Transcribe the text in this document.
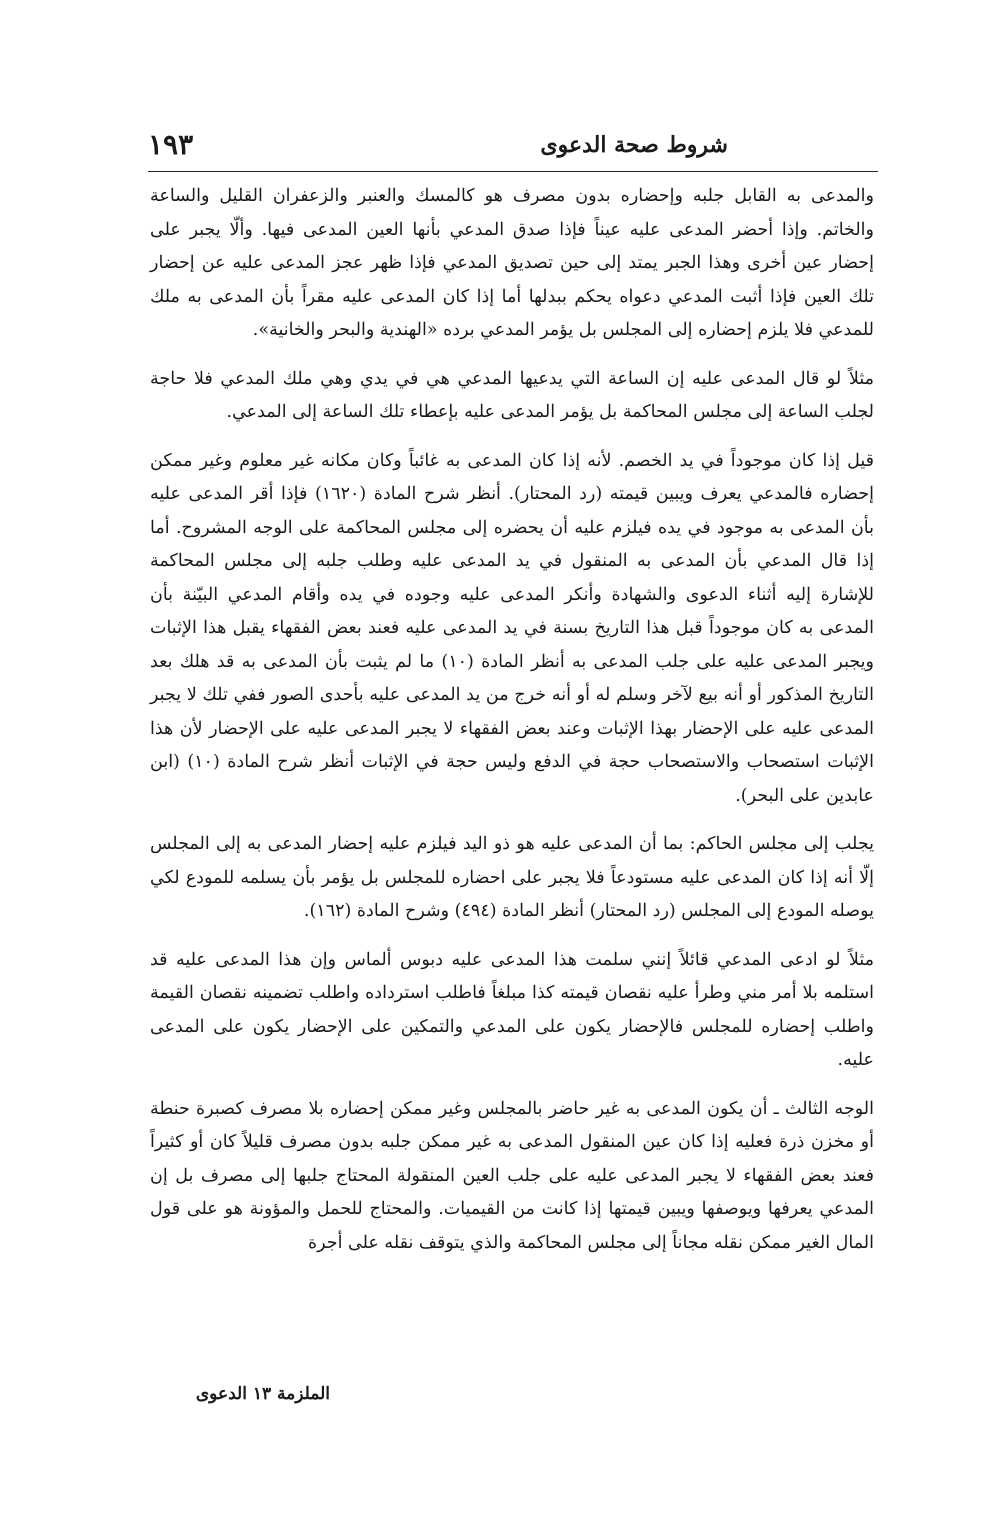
شروط صحة الدعوى
١٩٣

والمدعى به القابل جلبه وإحضاره بدون مصرف هو كالمسك والعنبر والزعفران القليل والساعة والخاتم. وإذا أحضر المدعى عليه عيناً فإذا صدق المدعي بأنها العين المدعى فيها. وألّا يجبر على إحضار عين أخرى وهذا الجبر يمتد إلى حين تصديق المدعي فإذا ظهر عجز المدعى عليه عن إحضار تلك العين فإذا أثبت المدعي دعواه يحكم ببدلها أما إذا كان المدعى عليه مقراً بأن المدعى به ملك للمدعي فلا يلزم إحضاره إلى المجلس بل يؤمر المدعي برده «الهندية والبحر والخانية».

مثلاً لو قال المدعى عليه إن الساعة التي يدعيها المدعي هي في يدي وهي ملك المدعي فلا حاجة لجلب الساعة إلى مجلس المحاكمة بل يؤمر المدعى عليه بإعطاء تلك الساعة إلى المدعي.

قيل إذا كان موجوداً في يد الخصم. لأنه إذا كان المدعى به غائباً وكان مكانه غير معلوم وغير ممكن إحضاره فالمدعي يعرف ويبين قيمته (رد المحتار). أنظر شرح المادة (١٦٢٠) فإذا أقر المدعى عليه بأن المدعى به موجود في يده فيلزم عليه أن يحضره إلى مجلس المحاكمة على الوجه المشروح. أما إذا قال المدعي بأن المدعى به المنقول في يد المدعى عليه وطلب جلبه إلى مجلس المحاكمة للإشارة إليه أثناء الدعوى والشهادة وأنكر المدعى عليه وجوده في يده وأقام المدعي البيّنة بأن المدعى به كان موجوداً قبل هذا التاريخ بسنة في يد المدعى عليه فعند بعض الفقهاء يقبل هذا الإثبات ويجبر المدعى عليه على جلب المدعى به أنظر المادة (١٠) ما لم يثبت بأن المدعى به قد هلك بعد التاريخ المذكور أو أنه بيع لآخر وسلم له أو أنه خرج من يد المدعى عليه بأحدى الصور ففي تلك لا يجبر المدعى عليه على الإحضار بهذا الإثبات وعند بعض الفقهاء لا يجبر المدعى عليه على الإحضار لأن هذا الإثبات استصحاب والاستصحاب حجة في الدفع وليس حجة في الإثبات أنظر شرح المادة (١٠) (ابن عابدين على البحر).

يجلب إلى مجلس الحاكم: بما أن المدعى عليه هو ذو اليد فيلزم عليه إحضار المدعى به إلى المجلس إلّا أنه إذا كان المدعى عليه مستودعاً فلا يجبر على احضاره للمجلس بل يؤمر بأن يسلمه للمودع لكي يوصله المودع إلى المجلس (رد المحتار) أنظر المادة (٤٩٤) وشرح المادة (١٦٢).

مثلاً لو ادعى المدعي قائلاً إنني سلمت هذا المدعى عليه دبوس ألماس وإن هذا المدعى عليه قد استلمه بلا أمر مني وطرأ عليه نقصان قيمته كذا مبلغاً فاطلب استرداده واطلب تضمينه نقصان القيمة واطلب إحضاره للمجلس فالإحضار يكون على المدعي والتمكين على الإحضار يكون على المدعى عليه.

الوجه الثالث ـ أن يكون المدعى به غير حاضر بالمجلس وغير ممكن إحضاره بلا مصرف كصبرة حنطة أو مخزن ذرة فعليه إذا كان عين المنقول المدعى به غير ممكن جلبه بدون مصرف قليلاً كان أو كثيراً فعند بعض الفقهاء لا يجبر المدعى عليه على جلب العين المنقولة المحتاج جلبها إلى مصرف بل إن المدعي يعرفها ويوصفها ويبين قيمتها إذا كانت من القيميات. والمحتاج للحمل والمؤونة هو على قول المال الغير ممكن نقله مجاناً إلى مجلس المحاكمة والذي يتوقف نقله على أجرة

الملزمة ١٣ الدعوى
